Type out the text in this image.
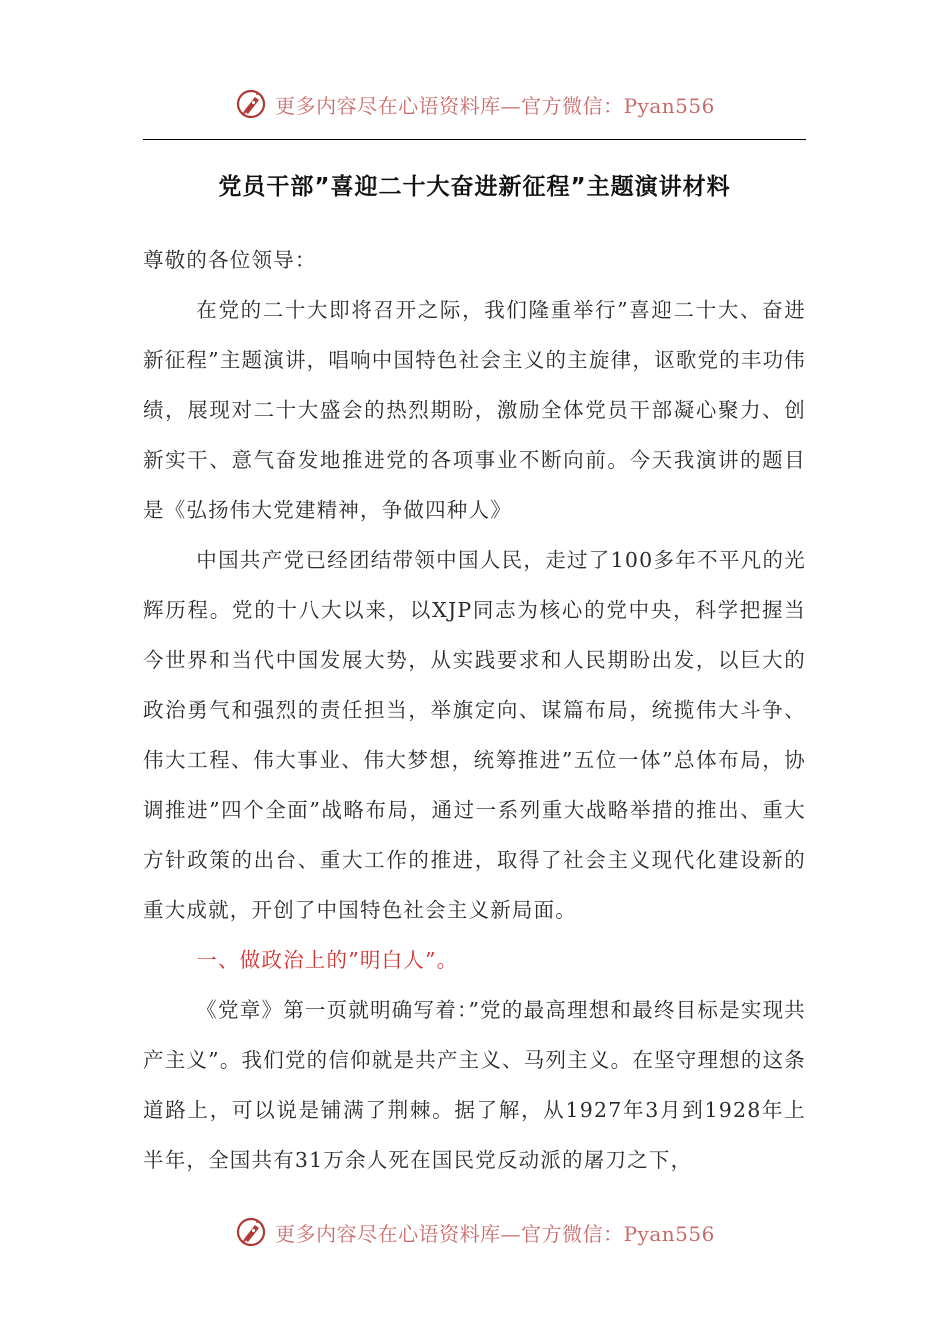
更多内容尽在心语资料库—官方微信：Pyan556
党员干部”喜迎二十大奋进新征程”主题演讲材料

尊敬的各位领导：

在党的二十大即将召开之际，我们隆重举行”喜迎二十大、奋进新征程”主题演讲，唱响中国特色社会主义的主旋律，讴歌党的丰功伟绩，展现对二十大盛会的热烈期盼，激励全体党员干部凝心聚力、创新实干、意气奋发地推进党的各项事业不断向前。今天我演讲的题目是《弘扬伟大党建精神，争做四种人》

中国共产党已经团结带领中国人民，走过了100多年不平凡的光辉历程。党的十八大以来，以XJP同志为核心的党中央，科学把握当今世界和当代中国发展大势，从实践要求和人民期盼出发，以巨大的政治勇气和强烈的责任担当，举旗定向、谋篇布局，统揽伟大斗争、伟大工程、伟大事业、伟大梦想，统筹推进”五位一体”总体布局，协调推进”四个全面”战略布局，通过一系列重大战略举措的推出、重大方针政策的出台、重大工作的推进，取得了社会主义现代化建设新的重大成就，开创了中国特色社会主义新局面。

一、做政治上的”明白人”。

《党章》第一页就明确写着：”党的最高理想和最终目标是实现共产主义”。我们党的信仰就是共产主义、马列主义。在坚守理想的这条道路上，可以说是铺满了荆棘。据了解，从1927年3月到1928年上半年，全国共有31万余人死在国民党反动派的屠刀之下，

更多内容尽在心语资料库—官方微信：Pyan556
